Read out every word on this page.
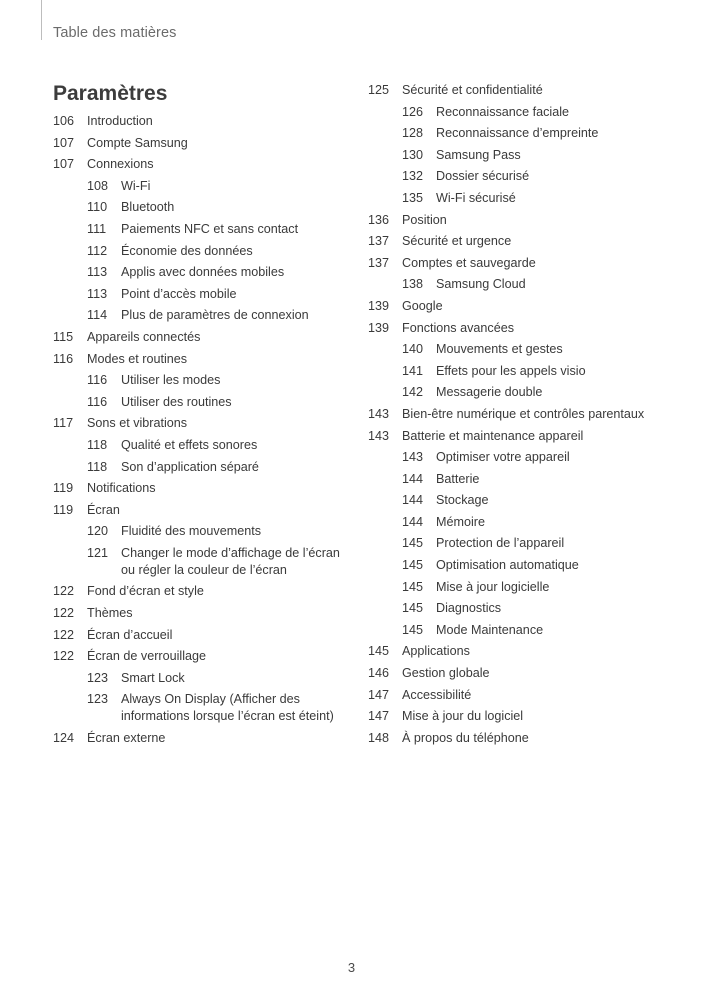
Table des matières
Paramètres
106	Introduction
107	Compte Samsung
107	Connexions
108	Wi-Fi
110	Bluetooth
111	Paiements NFC et sans contact
112	Économie des données
113	Applis avec données mobiles
113	Point d’accès mobile
114	Plus de paramètres de connexion
115	Appareils connectés
116	Modes et routines
116	Utiliser les modes
116	Utiliser des routines
117	Sons et vibrations
118	Qualité et effets sonores
118	Son d’application séparé
119	Notifications
119	Écran
120	Fluidité des mouvements
121	Changer le mode d’affichage de l’écran
ou régler la couleur de l’écran
122	Fond d’écran et style
122	Thèmes
122	Écran d’accueil
122	Écran de verrouillage
123	Smart Lock
123	Always On Display (Afficher des
informations lorsque l’écran est éteint)
124	Écran externe
125	Sécurité et confidentialité
126	Reconnaissance faciale
128	Reconnaissance d’empreinte
130	Samsung Pass
132	Dossier sécurisé
135	Wi-Fi sécurisé
136	Position
137	Sécurité et urgence
137	Comptes et sauvegarde
138	Samsung Cloud
139	Google
139	Fonctions avancées
140	Mouvements et gestes
141	Effets pour les appels visio
142	Messagerie double
143	Bien-être numérique et contrôles parentaux
143	Batterie et maintenance appareil
143	Optimiser votre appareil
144	Batterie
144	Stockage
144	Mémoire
145	Protection de l’appareil
145	Optimisation automatique
145	Mise à jour logicielle
145	Diagnostics
145	Mode Maintenance
145	Applications
146	Gestion globale
147	Accessibilité
147	Mise à jour du logiciel
148	À propos du téléphone
3
